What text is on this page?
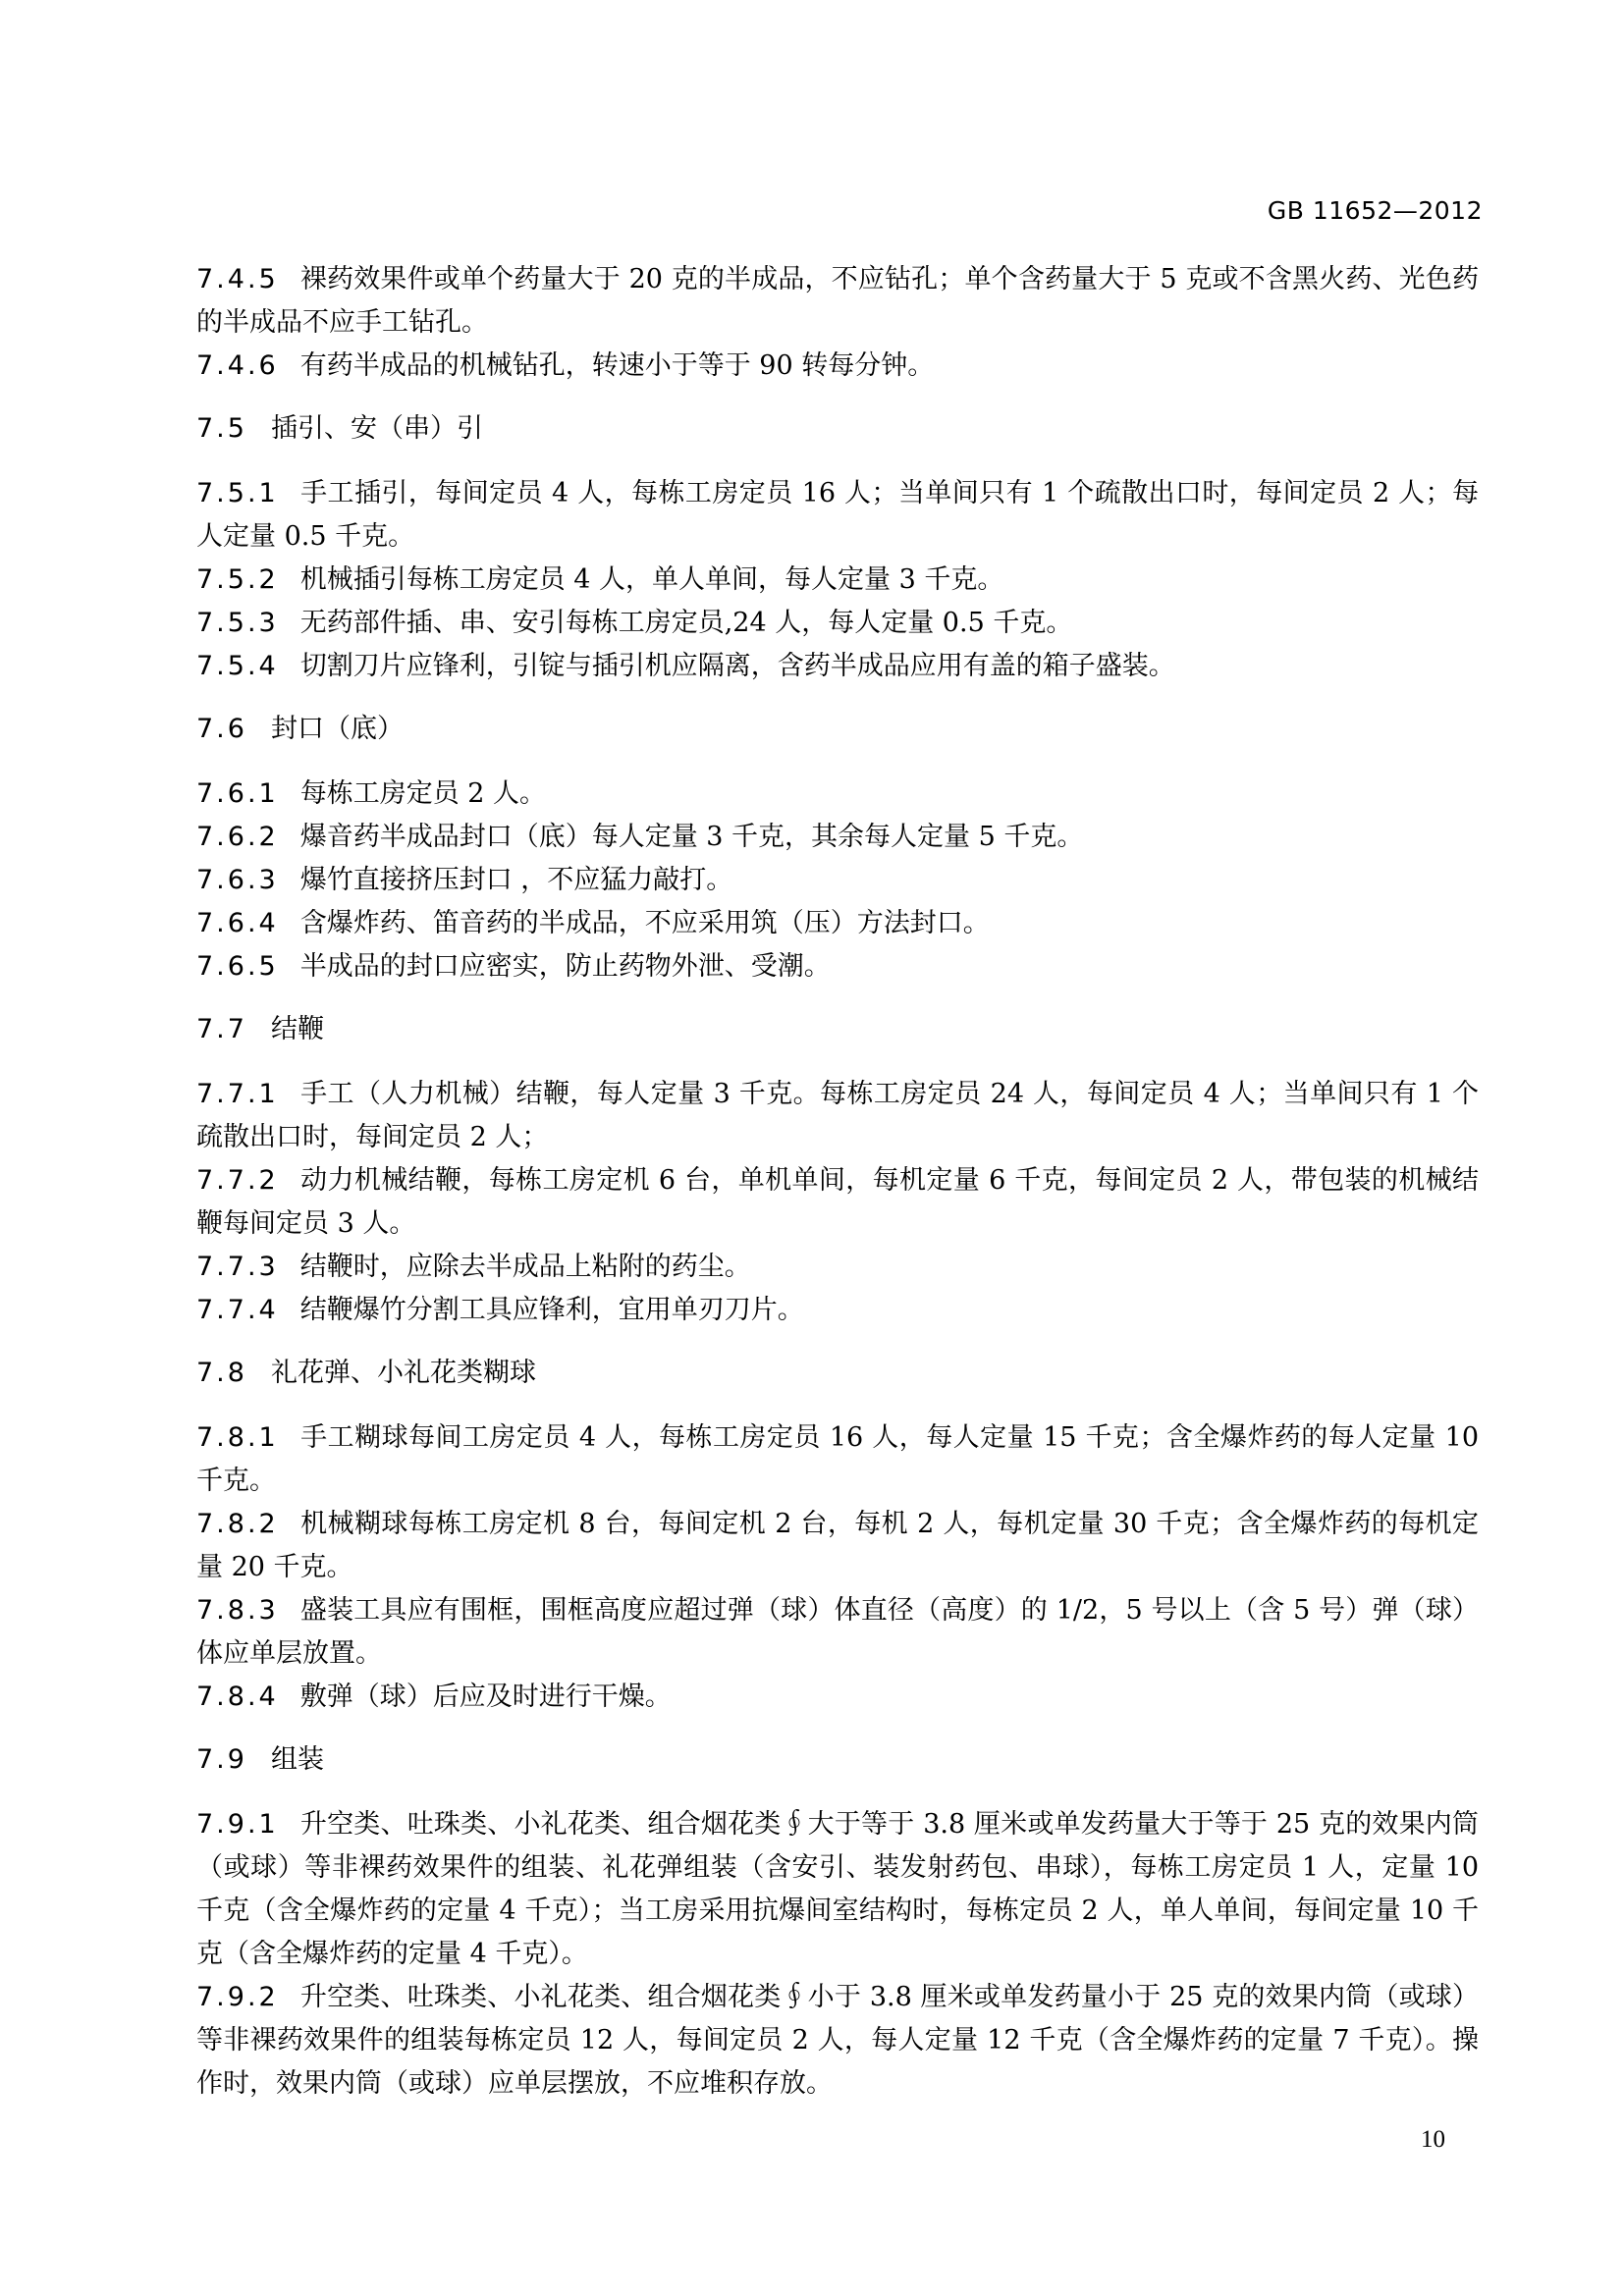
GB 11652—2012

7.4.5 裸药效果件或单个药量大于 20 克的半成品，不应钻孔；单个含药量大于 5 克或不含黑火药、光色药的半成品不应手工钻孔。

7.4.6 有药半成品的机械钻孔，转速小于等于 90 转每分钟。

7.5 插引、安（串）引

7.5.1 手工插引，每间定员 4 人，每栋工房定员 16 人；当单间只有 1 个疏散出口时，每间定员 2 人；每人定量 0.5 千克。

7.5.2 机械插引每栋工房定员 4 人，单人单间，每人定量 3 千克。

7.5.3 无药部件插、串、安引每栋工房定员,24 人，每人定量 0.5 千克。

7.5.4 切割刀片应锋利，引锭与插引机应隔离，含药半成品应用有盖的箱子盛装。

7.6 封口（底）

7.6.1 每栋工房定员 2 人。

7.6.2 爆音药半成品封口（底）每人定量 3 千克，其余每人定量 5 千克。

7.6.3 爆竹直接挤压封口 ，不应猛力敲打。

7.6.4 含爆炸药、笛音药的半成品，不应采用筑（压）方法封口。

7.6.5 半成品的封口应密实，防止药物外泄、受潮。

7.7 结鞭

7.7.1 手工（人力机械）结鞭，每人定量 3 千克。每栋工房定员 24 人，每间定员 4 人；当单间只有 1 个疏散出口时，每间定员 2 人；

7.7.2 动力机械结鞭，每栋工房定机 6 台，单机单间，每机定量 6 千克，每间定员 2 人，带包装的机械结鞭每间定员 3 人。

7.7.3 结鞭时，应除去半成品上粘附的药尘。

7.7.4 结鞭爆竹分割工具应锋利，宜用单刃刀片。

7.8 礼花弹、小礼花类糊球

7.8.1 手工糊球每间工房定员 4 人，每栋工房定员 16 人，每人定量 15 千克；含全爆炸药的每人定量 10 千克。

7.8.2 机械糊球每栋工房定机 8 台，每间定机 2 台，每机 2 人，每机定量 30 千克；含全爆炸药的每机定量 20 千克。

7.8.3 盛装工具应有围框，围框高度应超过弹（球）体直径（高度）的 1/2，5 号以上（含 5 号）弹（球）体应单层放置。

7.8.4 敷弹（球）后应及时进行干燥。

7.9 组装

7.9.1 升空类、吐珠类、小礼花类、组合烟花类∮大于等于 3.8 厘米或单发药量大于等于 25 克的效果内筒（或球）等非裸药效果件的组装、礼花弹组装（含安引、装发射药包、串球），每栋工房定员 1 人，定量 10 千克（含全爆炸药的定量 4 千克）；当工房采用抗爆间室结构时，每栋定员 2 人，单人单间，每间定量 10 千克（含全爆炸药的定量 4 千克）。

7.9.2 升空类、吐珠类、小礼花类、组合烟花类∮小于 3.8 厘米或单发药量小于 25 克的效果内筒（或球）等非裸药效果件的组装每栋定员 12 人，每间定员 2 人，每人定量 12 千克（含全爆炸药的定量 7 千克）。操作时，效果内筒（或球）应单层摆放，不应堆积存放。

10
